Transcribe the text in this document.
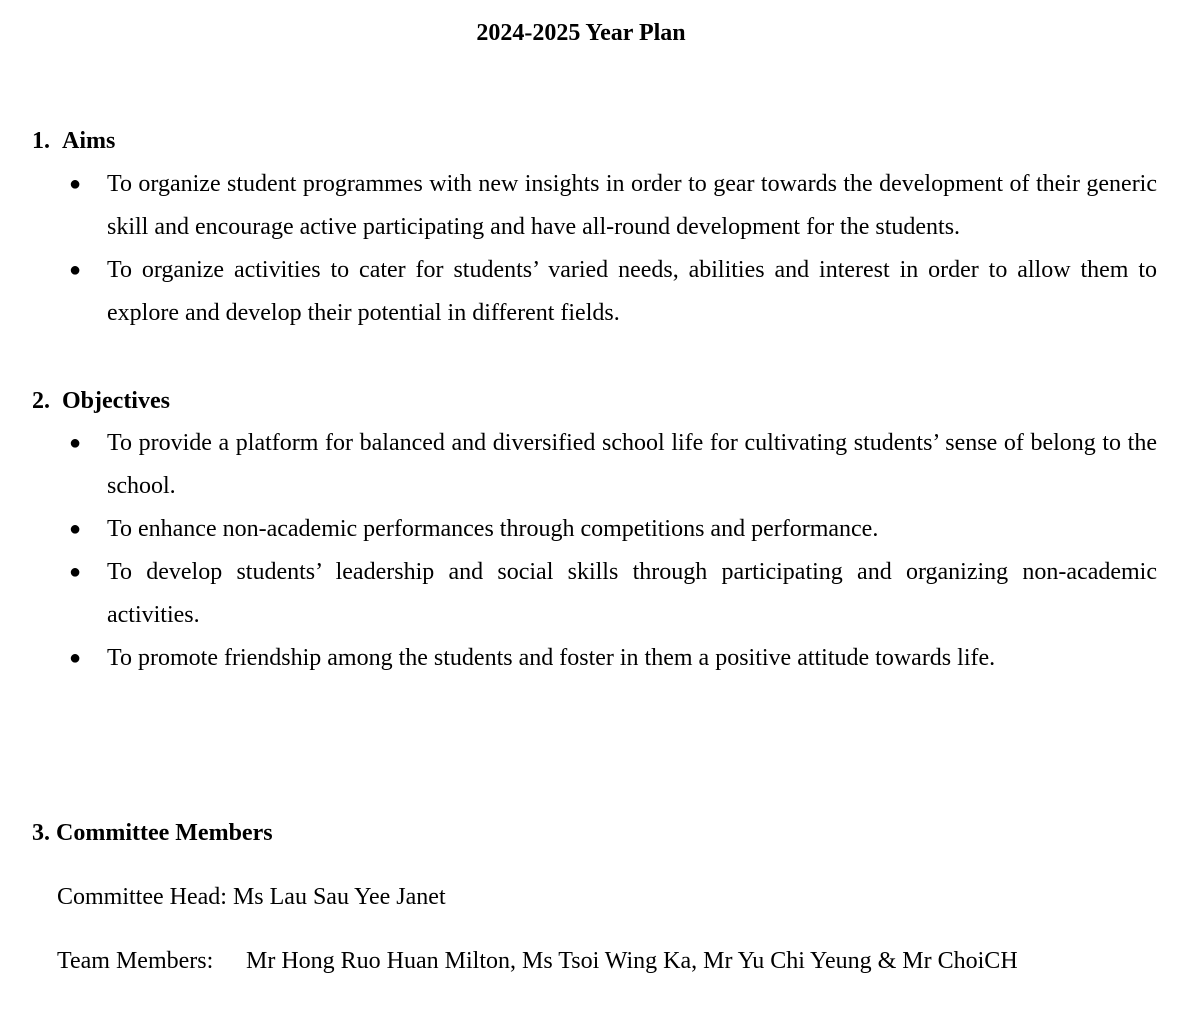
2024-2025 Year Plan
1. Aims
● To organize student programmes with new insights in order to gear towards the development of their generic skill and encourage active participating and have all-round development for the students.
● To organize activities to cater for students’ varied needs, abilities and interest in order to allow them to explore and develop their potential in different fields.
2. Objectives
● To provide a platform for balanced and diversified school life for cultivating students’ sense of belong to the school.
● To enhance non-academic performances through competitions and performance.
● To develop students’ leadership and social skills through participating and organizing non-academic activities.
● To promote friendship among the students and foster in them a positive attitude towards life.
3. Committee Members
Committee Head: Ms Lau Sau Yee Janet
Team Members: Mr Hong Ruo Huan Milton, Ms Tsoi Wing Ka, Mr Yu Chi Yeung & Mr ChoiCH
